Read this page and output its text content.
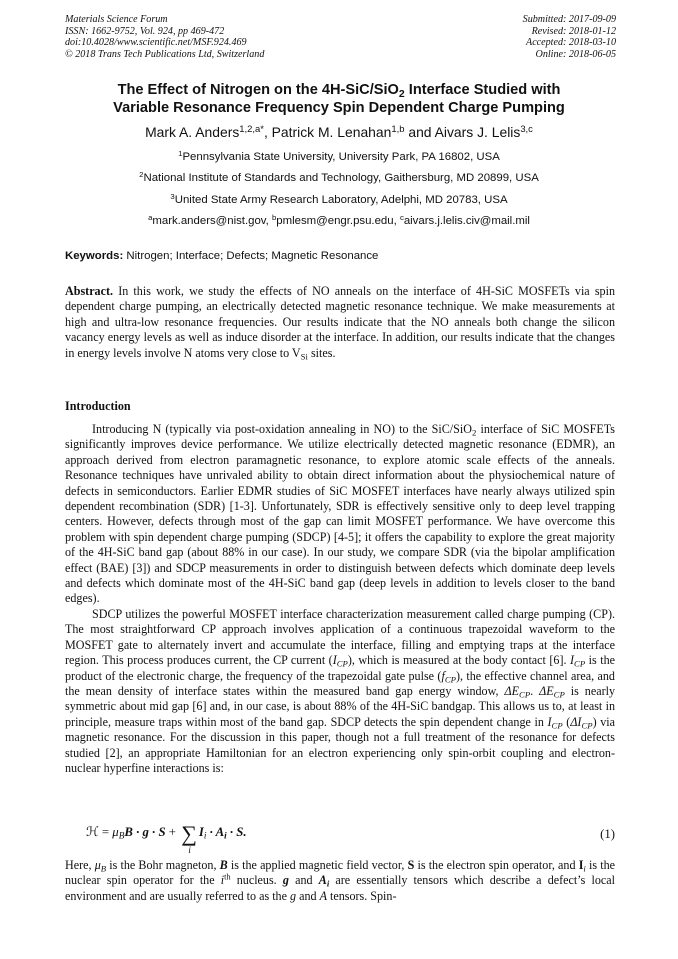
Materials Science Forum
ISSN: 1662-9752, Vol. 924, pp 469-472
doi:10.4028/www.scientific.net/MSF.924.469
© 2018 Trans Tech Publications Ltd, Switzerland
Submitted: 2017-09-09
Revised: 2018-01-12
Accepted: 2018-03-10
Online: 2018-06-05
The Effect of Nitrogen on the 4H-SiC/SiO$_2$ Interface Studied with
Variable Resonance Frequency Spin Dependent Charge Pumping
Mark A. Anders$^{1,2,a*}$, Patrick M. Lenahan$^{1,b}$ and Aivars J. Lelis$^{3,c}$
$^1$Pennsylvania State University, University Park, PA 16802, USA
$^2$National Institute of Standards and Technology, Gaithersburg, MD 20899, USA
$^3$United State Army Research Laboratory, Adelphi, MD 20783, USA
$^a$mark.anders@nist.gov, $^b$pmlesm@engr.psu.edu, $^c$aivars.j.lelis.civ@mail.mil
Keywords: Nitrogen; Interface; Defects; Magnetic Resonance
Abstract. In this work, we study the effects of NO anneals on the interface of 4H-SiC MOSFETs via spin dependent charge pumping, an electrically detected magnetic resonance technique. We make measurements at high and ultra-low resonance frequencies. Our results indicate that the NO anneals both change the silicon vacancy energy levels as well as induce disorder at the interface. In addition, our results indicate that the changes in energy levels involve N atoms very close to $V_{Si}$ sites.
Introduction

Introducing N (typically via post-oxidation annealing in NO) to the SiC/SiO$_2$ interface of SiC MOSFETs significantly improves device performance. We utilize electrically detected magnetic resonance (EDMR), an approach derived from electron paramagnetic resonance, to explore atomic scale effects of the anneals. Resonance techniques have unrivaled ability to obtain direct information about the physiochemical nature of defects in semiconductors. Earlier EDMR studies of SiC MOSFET interfaces have nearly always utilized spin dependent recombination (SDR) [1-3]. Unfortunately, SDR is effectively sensitive only to deep level trapping centers. However, defects through most of the gap can limit MOSFET performance. We have overcome this problem with spin dependent charge pumping (SDCP) [4-5]; it offers the capability to explore the great majority of the 4H-SiC band gap (about 88% in our case). In our study, we compare SDR (via the bipolar amplification effect (BAE) [3]) and SDCP measurements in order to distinguish between defects which dominate deep levels and defects which dominate most of the 4H-SiC band gap (deep levels in addition to levels closer to the band edges).

SDCP utilizes the powerful MOSFET interface characterization measurement called charge pumping (CP). The most straightforward CP approach involves application of a continuous trapezoidal waveform to the MOSFET gate to alternately invert and accumulate the interface, filling and emptying traps at the interface region. This process produces current, the CP current $(I_{CP})$, which is measured at the body contact [6]. $I_{CP}$ is the product of the electronic charge, the frequency of the trapezoidal gate pulse $(f_{CP})$, the effective channel area, and the mean density of interface states within the measured band gap energy window, $\Delta E_{CP}$. $\Delta E_{CP}$ is nearly symmetric about mid gap [6] and, in our case, is about 88% of the 4H-SiC bandgap. This allows us to, at least in principle, measure traps within most of the band gap. SDCP detects the spin dependent change in $I_{CP}$ $(\Delta I_{CP})$ via magnetic resonance. For the discussion in this paper, though not a full treatment of the resonance for defects studied [2], an appropriate Hamiltonian for an electron experiencing only spin-orbit coupling and electron-nuclear hyperfine interactions is:

ℋ = $\mu_BB \cdot g \cdot S$ + ∑
i
$I_i \cdot A_i \cdot S$.	(1)
Here, $\mu_B$ is the Bohr magneton, B is the applied magnetic field vector, S is the electron spin operator, and $I_i$ is the nuclear spin operator for the $i^{th}$ nucleus. g and $A_i$ are essentially tensors which describe a defect’s local environment and are usually referred to as the g and A tensors. Spin-
